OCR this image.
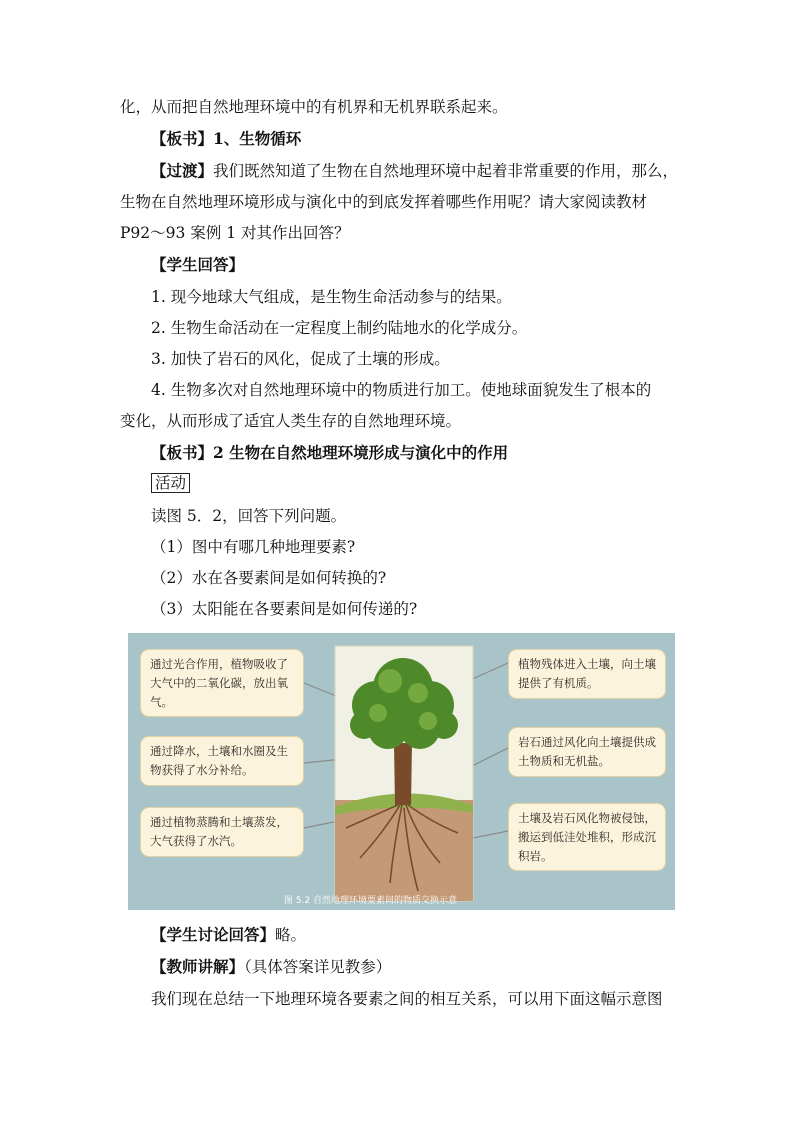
化，从而把自然地理环境中的有机界和无机界联系起来。
【板书】1、生物循环
【过渡】我们既然知道了生物在自然地理环境中起着非常重要的作用，那么，
生物在自然地理环境形成与演化中的到底发挥着哪些作用呢？请大家阅读教材
P92～93 案例 1 对其作出回答？
【学生回答】
1. 现今地球大气组成，是生物生命活动参与的结果。
2. 生物生命活动在一定程度上制约陆地水的化学成分。
3. 加快了岩石的风化，促成了土壤的形成。
4. 生物多次对自然地理环境中的物质进行加工。使地球面貌发生了根本的
变化，从而形成了适宜人类生存的自然地理环境。
【板书】2 生物在自然地理环境形成与演化中的作用
活动
读图 5．2，回答下列问题。
（1）图中有哪几种地理要素?
（2）水在各要素间是如何转换的?
（3）太阳能在各要素间是如何传递的?
通过光合作用，植物吸收了大气中的二氧化碳，放出氧气。
通过降水，土壤和水圈及生物获得了水分补给。
通过植物蒸腾和土壤蒸发，大气获得了水汽。
植物残体进入土壤，向土壤提供了有机质。
岩石通过风化向土壤提供成土物质和无机盐。
土壤及岩石风化物被侵蚀，搬运到低洼处堆积，形成沉积岩。
图 5.2 自然地理环境要素间的物质交换示意
【学生讨论回答】略。
【教师讲解】（具体答案详见教参）
我们现在总结一下地理环境各要素之间的相互关系，可以用下面这幅示意图
